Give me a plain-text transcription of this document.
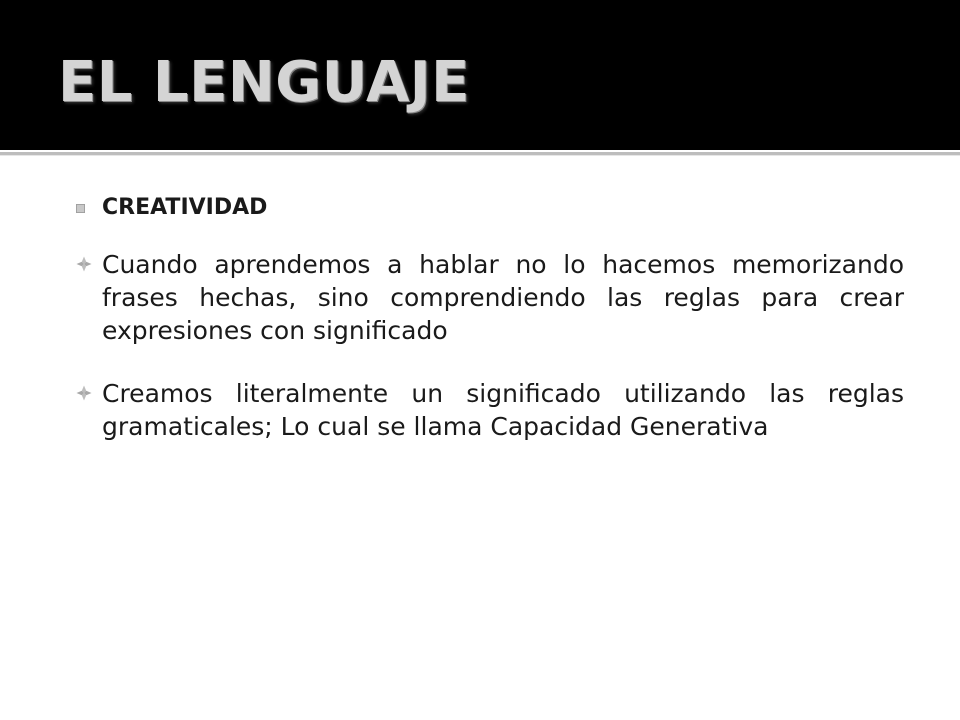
EL LENGUAJE
CREATIVIDAD
Cuando aprendemos a hablar no lo hacemos memorizando frases hechas, sino comprendiendo las reglas para crear expresiones con significado
Creamos literalmente un significado utilizando las reglas gramaticales; Lo cual se llama Capacidad Generativa
